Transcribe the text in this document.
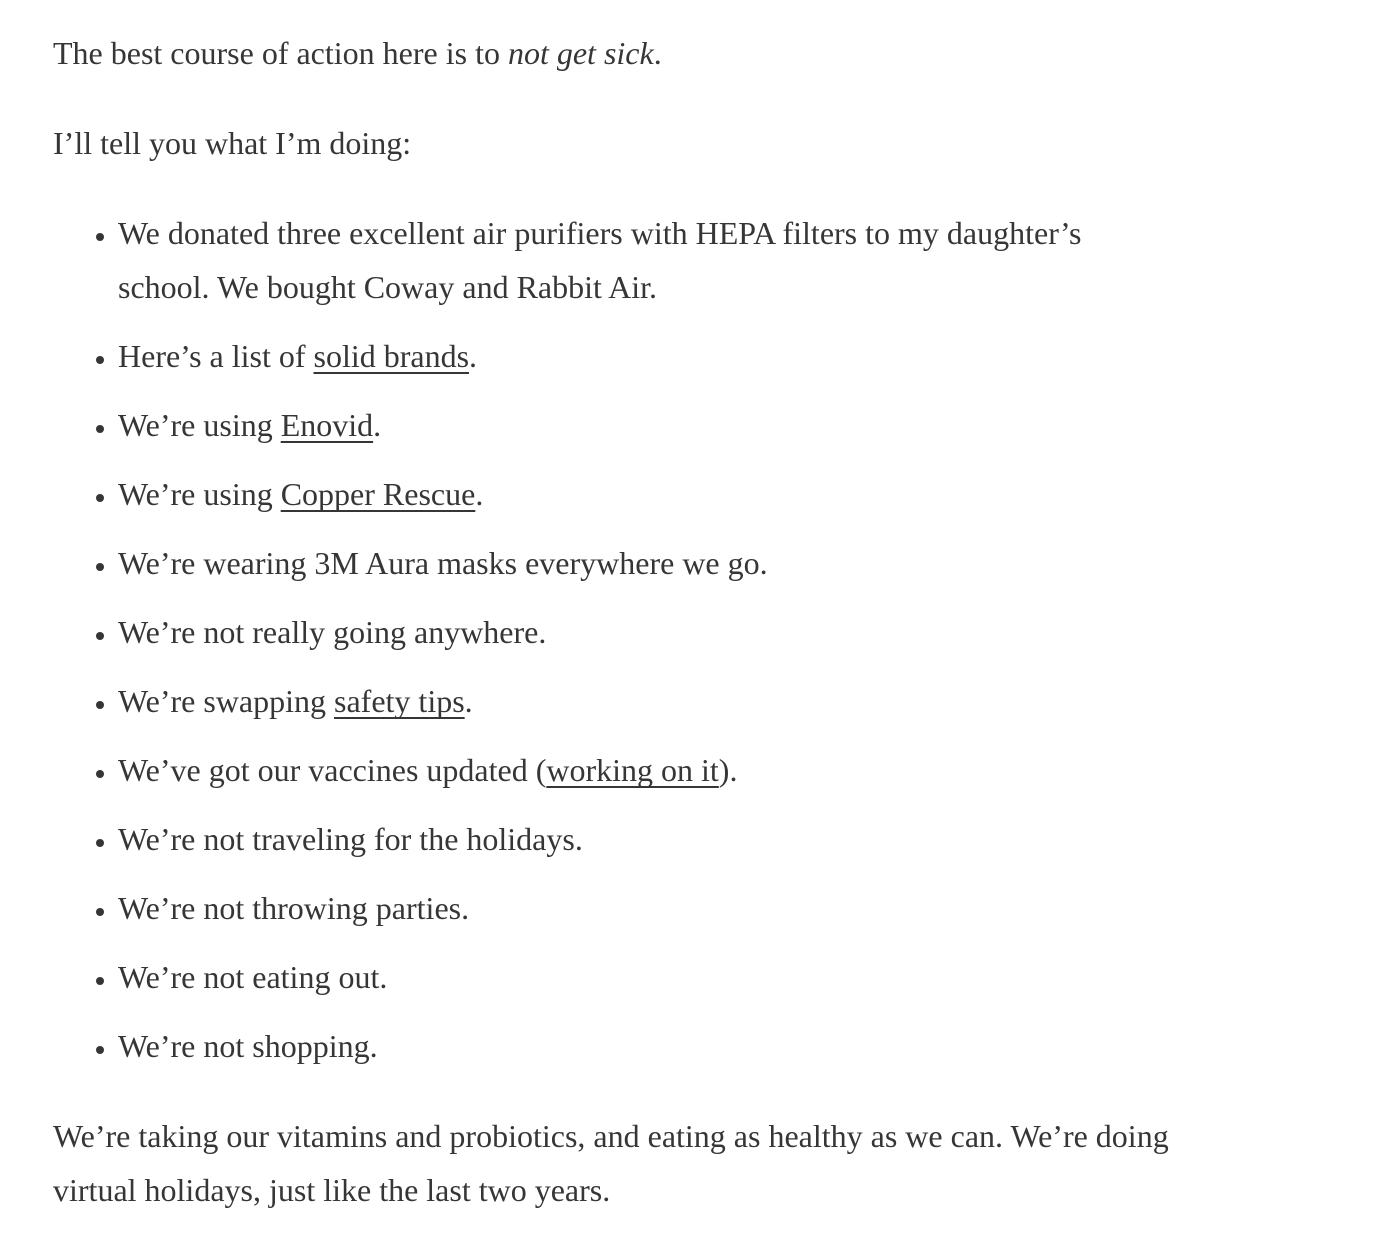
The best course of action here is to not get sick.

I’ll tell you what I’m doing:

• We donated three excellent air purifiers with HEPA filters to my daughter’s school. We bought Coway and Rabbit Air.
• Here’s a list of solid brands.
• We’re using Enovid.
• We’re using Copper Rescue.
• We’re wearing 3M Aura masks everywhere we go.
• We’re not really going anywhere.
• We’re swapping safety tips.
• We’ve got our vaccines updated (working on it).
• We’re not traveling for the holidays.
• We’re not throwing parties.
• We’re not eating out.
• We’re not shopping.

We’re taking our vitamins and probiotics, and eating as healthy as we can. We’re doing virtual holidays, just like the last two years.
